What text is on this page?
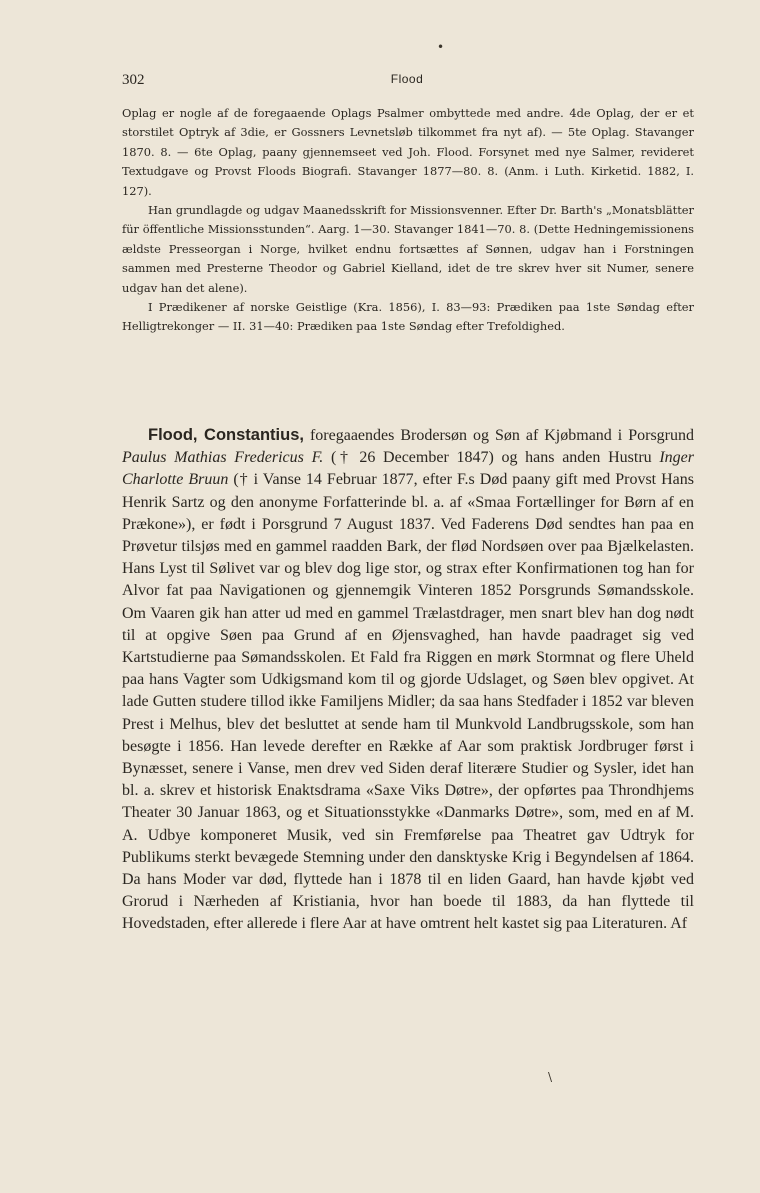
302	Flood

Oplag er nogle af de foregaaende Oplags Psalmer ombyttede med andre. 4de Oplag, der er et storstilet Optryk af 3die, er Gossners Levnetsløb tilkommet fra nyt af). — 5te Oplag. Stavanger 1870. 8. — 6te Oplag, paany gjennemseet ved Joh. Flood. Forsynet med nye Salmer, revideret Textudgave og Provst Floods Biografi. Stavanger 1877—80. 8. (Anm. i Luth. Kirketid. 1882, I. 127).

Han grundlagde og udgav Maanedsskrift for Missionsvenner. Efter Dr. Barth's „Monatsblätter für öffentliche Missionsstunden“. Aarg. 1—30. Stavanger 1841—70. 8. (Dette Hedningemissionens ældste Presseorgan i Norge, hvilket endnu fortsættes af Sønnen, udgav han i Forstningen sammen med Presterne Theodor og Gabriel Kielland, idet de tre skrev hver sit Numer, senere udgav han det alene).

I Prædikener af norske Geistlige (Kra. 1856), I. 83—93: Prædiken paa 1ste Søndag efter Helligtrekonger — II. 31—40: Prædiken paa 1ste Søndag efter Trefoldighed.

Flood, Constantius, foregaaendes Brodersøn og Søn af Kjøbmand i Porsgrund Paulus Mathias Fredericus F. († 26 December 1847) og hans anden Hustru Inger Charlotte Bruun († i Vanse 14 Februar 1877, efter F.s Død paany gift med Provst Hans Henrik Sartz og den anonyme Forfatterinde bl. a. af «Smaa Fortællinger for Børn af en Prækone»), er født i Porsgrund 7 August 1837. Ved Faderens Død sendtes han paa en Prøvetur tilsjøs med en gammel raadden Bark, der flød Nordsøen over paa Bjælkelasten. Hans Lyst til Sølivet var og blev dog lige stor, og strax efter Konfirmationen tog han for Alvor fat paa Navigationen og gjennemgik Vinteren 1852 Porsgrunds Sømandsskole. Om Vaaren gik han atter ud med en gammel Trælastdrager, men snart blev han dog nødt til at opgive Søen paa Grund af en Øjensvaghed, han havde paadraget sig ved Kartstudierne paa Sømandsskolen. Et Fald fra Riggen en mørk Stormnat og flere Uheld paa hans Vagter som Udkigsmand kom til og gjorde Udslaget, og Søen blev opgivet. At lade Gutten studere tillod ikke Familjens Midler; da saa hans Stedfader i 1852 var bleven Prest i Melhus, blev det besluttet at sende ham til Munkvold Landbrugsskole, som han besøgte i 1856. Han levede derefter en Række af Aar som praktisk Jordbruger først i Bynæsset, senere i Vanse, men drev ved Siden deraf literære Studier og Sysler, idet han bl. a. skrev et historisk Enaktsdrama «Saxe Viks Døtre», der opførtes paa Throndhjems Theater 30 Januar 1863, og et Situationsstykke «Danmarks Døtre», som, med en af M. A. Udbye komponeret Musik, ved sin Fremførelse paa Theatret gav Udtryk for Publikums sterkt bevægede Stemning under den dansktyske Krig i Begyndelsen af 1864. Da hans Moder var død, flyttede han i 1878 til en liden Gaard, han havde kjøbt ved Grorud i Nærheden af Kristiania, hvor han boede til 1883, da han flyttede til Hovedstaden, efter allerede i flere Aar at have omtrent helt kastet sig paa Literaturen. Af

•
\
